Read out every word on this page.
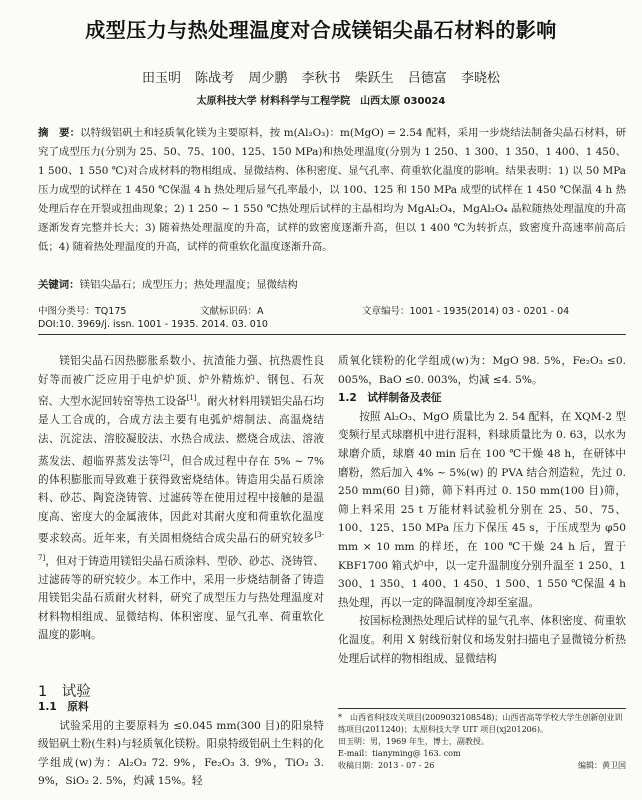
成型压力与热处理温度对合成镁铝尖晶石材料的影响
田玉明 陈战考 周少鹏 李秋书 柴跃生 吕德富 李晓松
太原科技大学 材料科学与工程学院　山西太原 030024
摘　要：以特级铝矾土和轻质氧化镁为主要原料，按 m(Al₂O₃)：m(MgO) = 2.54 配料，采用一步烧结法制备尖晶石材料，研究了成型压力(分别为 25、50、75、100、125、150 MPa)和热处理温度(分别为 1 250、1 300、1 350、1 400、1 450、1 500、1 550 ℃)对合成材料的物相组成、显微结构、体积密度、显气孔率、荷重软化温度的影响。结果表明：1) 以 50 MPa 压力成型的试样在 1 450 ℃保温 4 h 热处理后显气孔率最小，以 100、125 和 150 MPa 成型的试样在 1 450 ℃保温 4 h 热处理后存在开裂或扭曲现象；2) 1 250 ~ 1 550 ℃热处理后试样的主晶相均为 MgAl₂O₄，MgAl₂O₄ 晶粒随热处理温度的升高逐渐发育完整并长大；3) 随着热处理温度的升高，试样的致密度逐渐升高，但以 1 400 ℃为转折点，致密度升高速率前高后低；4) 随着热处理温度的升高，试样的荷重软化温度逐渐升高。
关键词：镁铝尖晶石；成型压力；热处理温度；显微结构
中图分类号：TQ175	文献标识码：A	文章编号：1001 - 1935(2014) 03 - 0201 - 04
DOI:10. 3969/j. issn. 1001 - 1935. 2014. 03. 010

镁铝尖晶石因热膨胀系数小、抗渣能力强、抗热震性良好等而被广泛应用于电炉炉顶、炉外精炼炉、钢包、石灰窑、大型水泥回转窑等热工设备[1]。耐火材料用镁铝尖晶石均是人工合成的，合成方法主要有电弧炉熔制法、高温烧结法、沉淀法、溶胶凝胶法、水热合成法、燃烧合成法、溶液蒸发法、超临界蒸发法等[2]，但合成过程中存在 5% ~ 7% 的体积膨胀而导致难于获得致密烧结体。铸造用尖晶石质涂料、砂芯、陶瓷浇铸管、过滤砖等在使用过程中接触的是温度高、密度大的金属液体，因此对其耐火度和荷重软化温度要求较高。近年来，有关固相烧结合成尖晶石的研究较多[3-7]，但对于铸造用镁铝尖晶石质涂料、型砂、砂芯、浇铸管、过滤砖等的研究较少。本工作中，采用一步烧结制备了铸造用镁铝尖晶石质耐火材料，研究了成型压力与热处理温度对材料物相组成、显微结构、体积密度、显气孔率、荷重软化温度的影响。

1　试验

1.1　原料

试验采用的主要原料为 ≤0.045 mm(300 目)的阳泉特级铝矾土粉(生料)与轻质氧化镁粉。阳泉特级铝矾土生料的化学组成(w)为：Al₂O₃ 72. 9%，Fe₂O₃ 3. 9%，TiO₂ 3. 9%，SiO₂ 2. 5%，灼减 15%。轻

质氧化镁粉的化学组成(w)为：MgO 98. 5%，Fe₂O₃ ≤0. 005%，BaO ≤0. 003%，灼减 ≤4. 5%。

1.2　试样制备及表征

按照 Al₂O₃、MgO 质量比为 2. 54 配料，在 XQM-2 型变频行星式球磨机中进行混料，料球质量比为 0. 63，以水为球磨介质，球磨 40 min 后在 100 ℃干燥 48 h，在研钵中磨粉，然后加入 4% ~ 5%(w) 的 PVA 结合剂造粒，先过 0. 250 mm(60 目)筛，筛下料再过 0. 150 mm(100 目)筛，筛上料采用 25 t 万能材料试验机分别在 25、50、75、100、125、150 MPa 压力下保压 45 s，于压成型为 φ50 mm × 10 mm 的样坯，在 100 ℃干燥 24 h 后，置于 KBF1700 箱式炉中，以一定升温制度分别升温至 1 250、1 300、1 350、1 400、1 450、1 500、1 550 ℃保温 4 h 热处理，再以一定的降温制度冷却至室温。

按国标检测热处理后试样的显气孔率、体积密度、荷重软化温度。利用 X 射线衍射仪和场发射扫描电子显微镜分析热处理后试样的物相组成、显微结构

*　山西省科技攻关项目(2009032108548)；山西省高等学校大学生创新创业训练项目(2011240)；太原科技大学 UIT 项目(xj201206)。
田玉明：男，1969 年生，博士，副教授。
E-mail：tianyming@ 163. com
收稿日期：2013 - 07 - 26	编辑：黄卫国
